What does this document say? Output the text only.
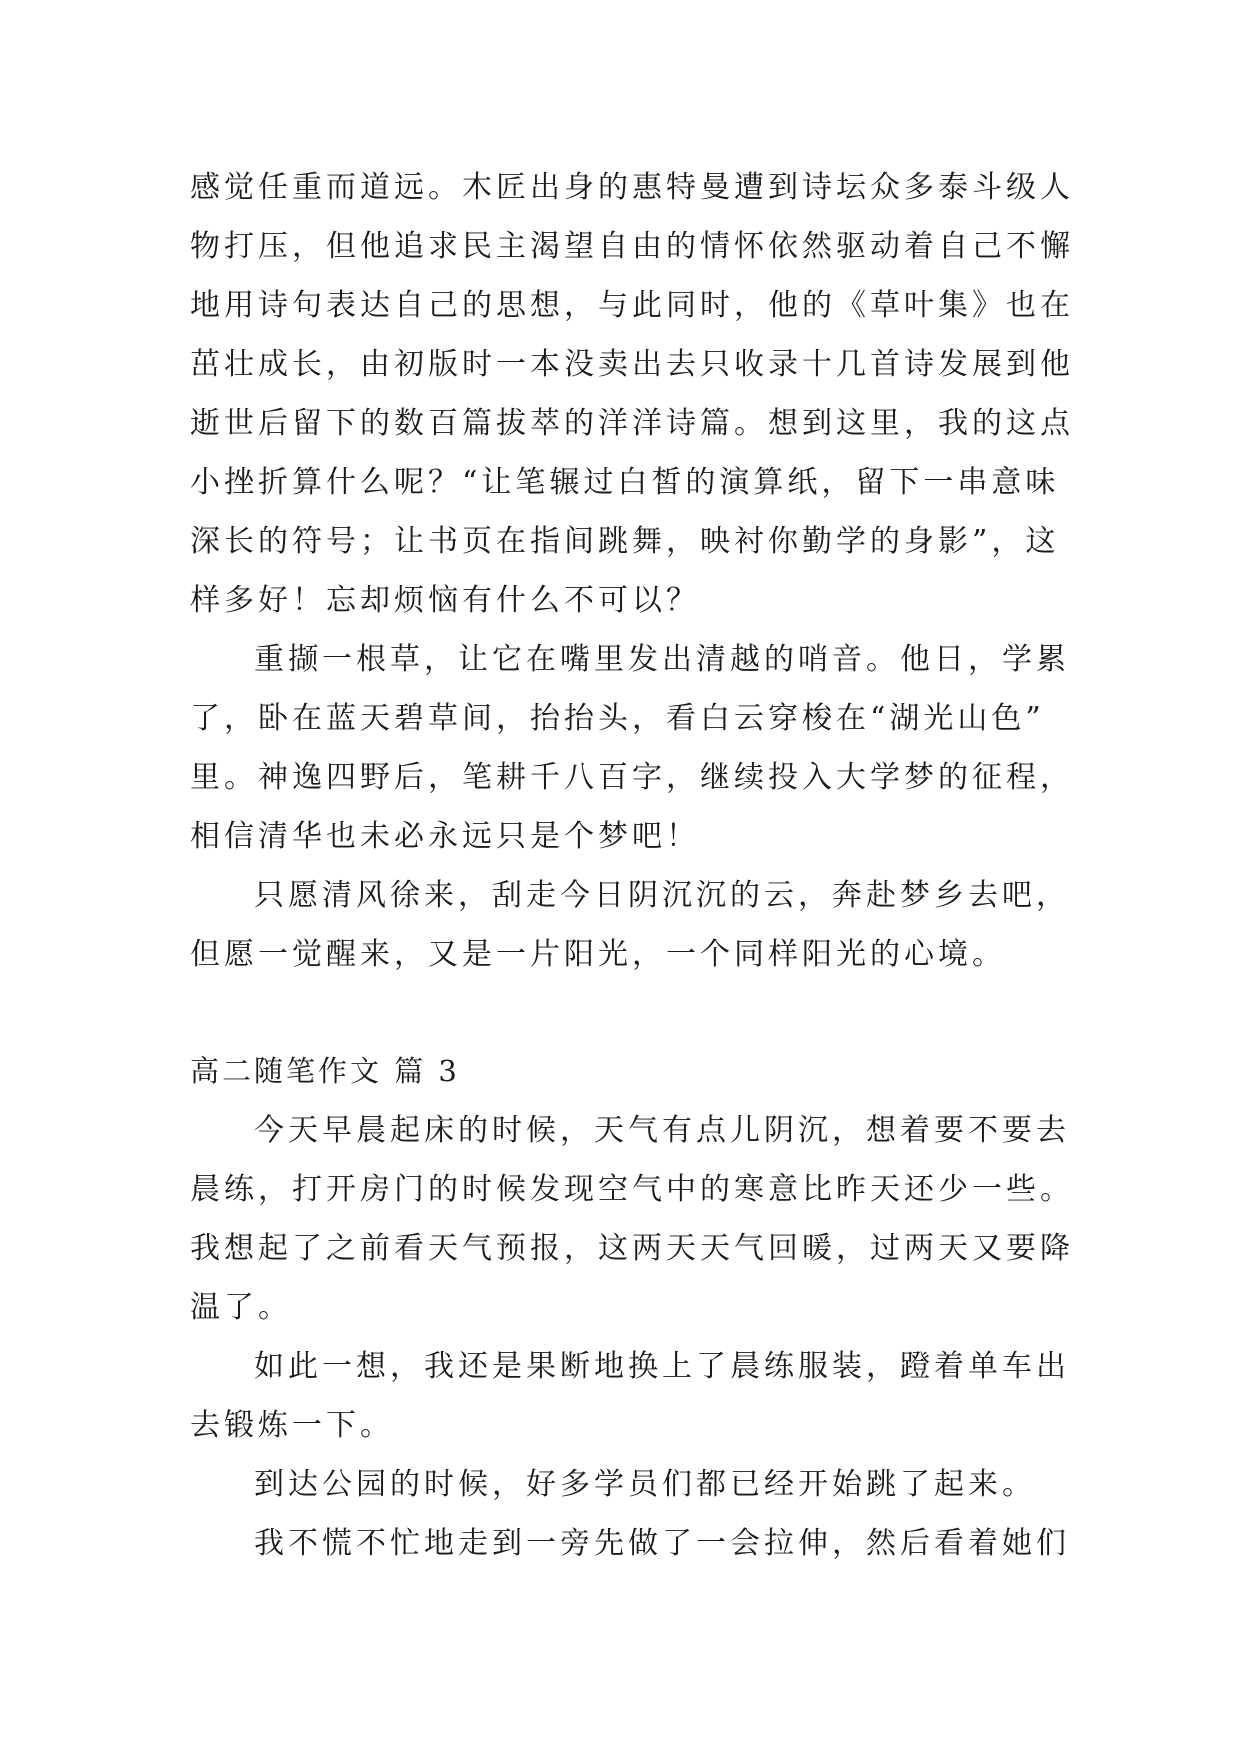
感觉任重而道远。木匠出身的惠特曼遭到诗坛众多泰斗级人
物打压，但他追求民主渴望自由的情怀依然驱动着自己不懈
地用诗句表达自己的思想，与此同时，他的《草叶集》也在
茁壮成长，由初版时一本没卖出去只收录十几首诗发展到他
逝世后留下的数百篇拔萃的洋洋诗篇。想到这里，我的这点
小挫折算什么呢？“让笔辗过白皙的演算纸，留下一串意味
深长的符号；让书页在指间跳舞，映衬你勤学的身影”，这
样多好！忘却烦恼有什么不可以？
重撷一根草，让它在嘴里发出清越的哨音。他日，学累
了，卧在蓝天碧草间，抬抬头，看白云穿梭在“湖光山色”
里。神逸四野后，笔耕千八百字，继续投入大学梦的征程，
相信清华也未必永远只是个梦吧！
只愿清风徐来，刮走今日阴沉沉的云，奔赴梦乡去吧，
但愿一觉醒来，又是一片阳光，一个同样阳光的心境。
高二随笔作文 篇 3
今天早晨起床的时候，天气有点儿阴沉，想着要不要去
晨练，打开房门的时候发现空气中的寒意比昨天还少一些。
我想起了之前看天气预报，这两天天气回暖，过两天又要降
温了。
如此一想，我还是果断地换上了晨练服装，蹬着单车出
去锻炼一下。
到达公园的时候，好多学员们都已经开始跳了起来。
我不慌不忙地走到一旁先做了一会拉伸，然后看着她们
